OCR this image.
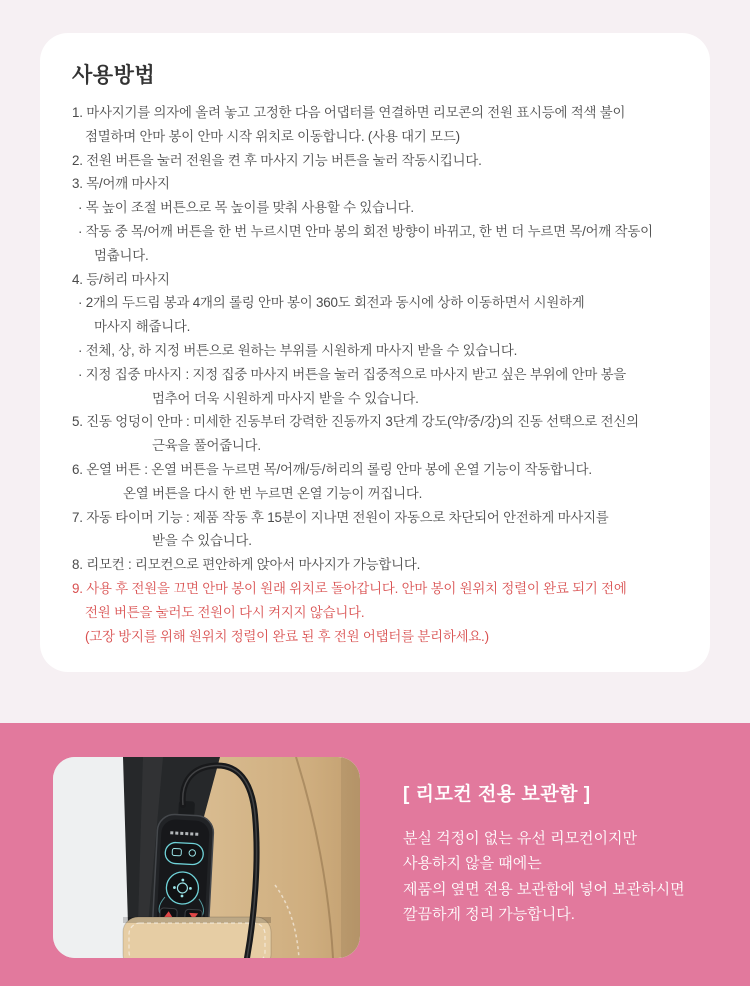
사용방법
1. 마사지기를 의자에 올려 놓고 고정한 다음 어댑터를 연결하면 리모콘의 전원 표시등에 적색 불이
점멸하며 안마 봉이 안마 시작 위치로 이동합니다. (사용 대기 모드)
2. 전원 버튼을 눌러 전원을 켠 후 마사지 기능 버튼을 눌러 작동시킵니다.
3. 목/어깨 마사지
· 목 높이 조절 버튼으로 목 높이를 맞춰 사용할 수 있습니다.
· 작동 중 목/어깨 버튼을 한 번 누르시면 안마 봉의 회전 방향이 바뀌고, 한 번 더 누르면 목/어깨 작동이
멈춥니다.
4. 등/허리 마사지
· 2개의 두드림 봉과 4개의 롤링 안마 봉이 360도 회전과 동시에 상하 이동하면서 시원하게
마사지 해줍니다.
· 전체, 상, 하 지정 버튼으로 원하는 부위를 시원하게 마사지 받을 수 있습니다.
· 지정 집중 마사지 : 지정 집중 마사지 버튼을 눌러 집중적으로 마사지 받고 싶은 부위에 안마 봉을
멈추어 더욱 시원하게 마사지 받을 수 있습니다.
5. 진동 엉덩이 안마 : 미세한 진동부터 강력한 진동까지 3단계 강도(약/중/강)의 진동 선택으로 전신의
근육을 풀어줍니다.
6. 온열 버튼 : 온열 버튼을 누르면 목/어깨/등/허리의 롤링 안마 봉에 온열 기능이 작동합니다.
온열 버튼을 다시 한 번 누르면 온열 기능이 꺼집니다.
7. 자동 타이머 기능 : 제품 작동 후 15분이 지나면 전원이 자동으로 차단되어 안전하게 마사지를
받을 수 있습니다.
8. 리모컨 : 리모컨으로 편안하게 앉아서 마사지가 가능합니다.
9. 사용 후 전원을 끄면 안마 봉이 원래 위치로 돌아갑니다. 안마 봉이 원위치 정렬이 완료 되기 전에
전원 버튼을 눌러도 전원이 다시 켜지지 않습니다.
(고장 방지를 위해 원위치 정렬이 완료 된 후 전원 어탭터를 분리하세요.)
[ 리모컨 전용 보관함 ]
분실 걱정이 없는 유선 리모컨이지만
사용하지 않을 때에는
제품의 옆면 전용 보관함에 넣어 보관하시면
깔끔하게 정리 가능합니다.
